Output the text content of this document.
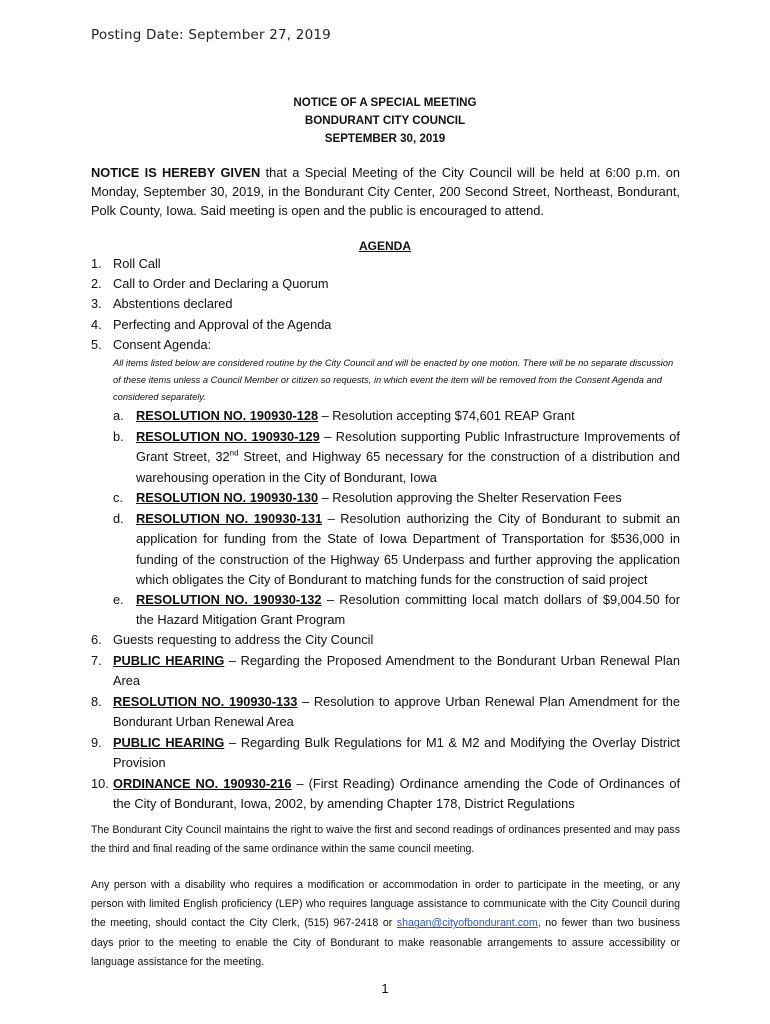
Posting Date: September 27, 2019
NOTICE OF A SPECIAL MEETING
BONDURANT CITY COUNCIL
SEPTEMBER 30, 2019
NOTICE IS HEREBY GIVEN that a Special Meeting of the City Council will be held at 6:00 p.m. on Monday, September 30, 2019, in the Bondurant City Center, 200 Second Street, Northeast, Bondurant, Polk County, Iowa. Said meeting is open and the public is encouraged to attend.
AGENDA
1. Roll Call
2. Call to Order and Declaring a Quorum
3. Abstentions declared
4. Perfecting and Approval of the Agenda
5. Consent Agenda:
All items listed below are considered routine by the City Council and will be enacted by one motion. There will be no separate discussion of these items unless a Council Member or citizen so requests, in which event the item will be removed from the Consent Agenda and considered separately.
a. RESOLUTION NO. 190930-128 – Resolution accepting $74,601 REAP Grant
b. RESOLUTION NO. 190930-129 – Resolution supporting Public Infrastructure Improvements of Grant Street, 32nd Street, and Highway 65 necessary for the construction of a distribution and warehousing operation in the City of Bondurant, Iowa
c. RESOLUTION NO. 190930-130 – Resolution approving the Shelter Reservation Fees
d. RESOLUTION NO. 190930-131 – Resolution authorizing the City of Bondurant to submit an application for funding from the State of Iowa Department of Transportation for $536,000 in funding of the construction of the Highway 65 Underpass and further approving the application which obligates the City of Bondurant to matching funds for the construction of said project
e. RESOLUTION NO. 190930-132 – Resolution committing local match dollars of $9,004.50 for the Hazard Mitigation Grant Program
6. Guests requesting to address the City Council
7. PUBLIC HEARING – Regarding the Proposed Amendment to the Bondurant Urban Renewal Plan Area
8. RESOLUTION NO. 190930-133 – Resolution to approve Urban Renewal Plan Amendment for the Bondurant Urban Renewal Area
9. PUBLIC HEARING – Regarding Bulk Regulations for M1 & M2 and Modifying the Overlay District Provision
10. ORDINANCE NO. 190930-216 – (First Reading) Ordinance amending the Code of Ordinances of the City of Bondurant, Iowa, 2002, by amending Chapter 178, District Regulations
The Bondurant City Council maintains the right to waive the first and second readings of ordinances presented and may pass the third and final reading of the same ordinance within the same council meeting.
Any person with a disability who requires a modification or accommodation in order to participate in the meeting, or any person with limited English proficiency (LEP) who requires language assistance to communicate with the City Council during the meeting, should contact the City Clerk, (515) 967-2418 or shagan@cityofbondurant.com, no fewer than two business days prior to the meeting to enable the City of Bondurant to make reasonable arrangements to assure accessibility or language assistance for the meeting.
1
